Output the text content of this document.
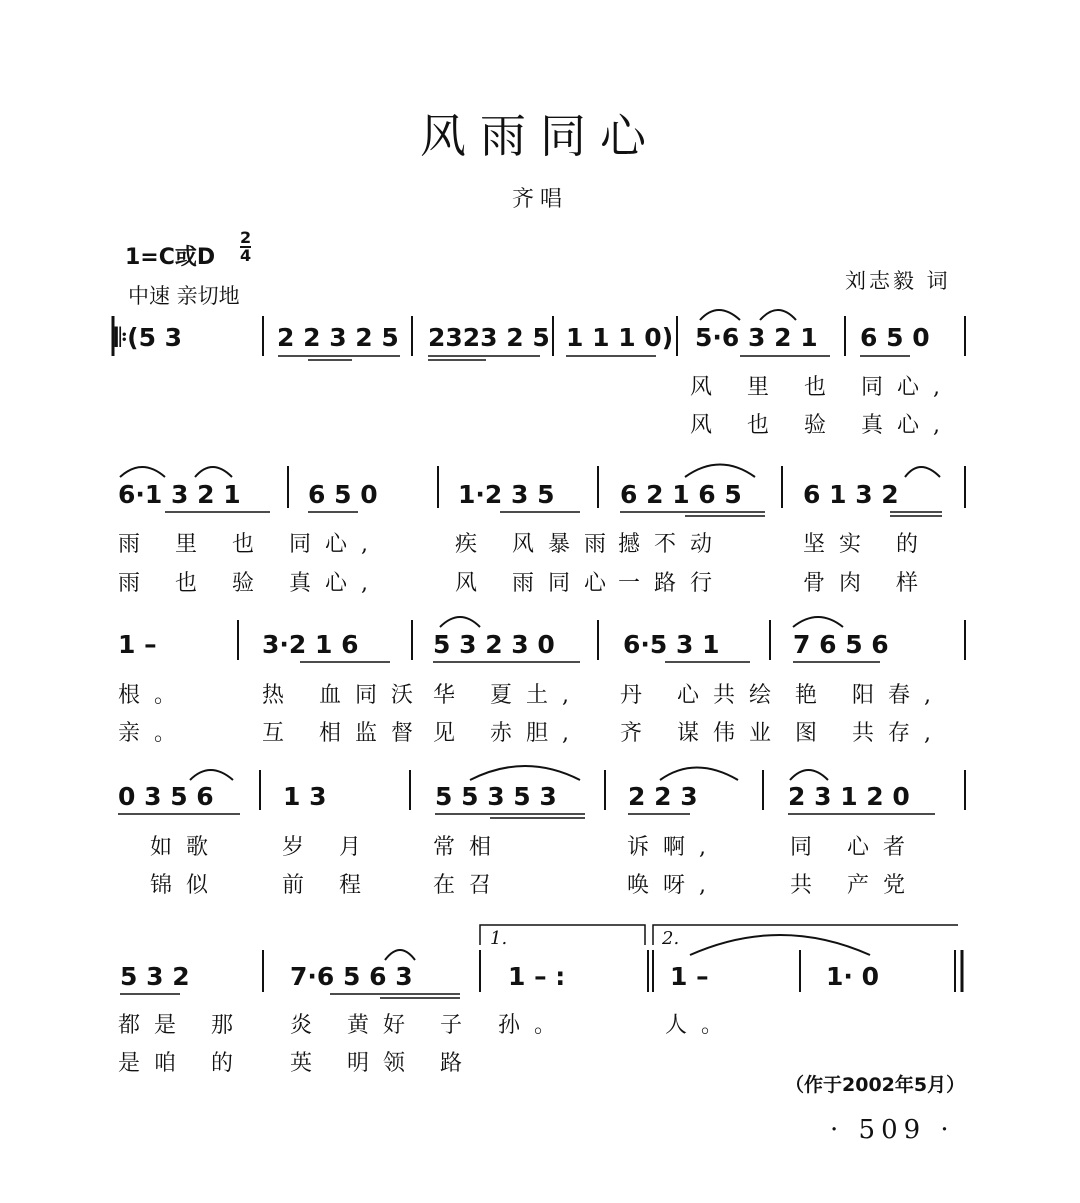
风雨同心
齐唱
1=C或D
2
4
中速 亲切地
刘志毅 词
𝄆(5 3	2 2 3 2 5 2323 2 5 1 1 1 0) 5·6 3 2 1 6 5 0
风 里 也 同心,
风 也 验 真心,
6·1 3 2 1	6 5 0	1·2 3 5	6 2 1 6 5 6 1 3 2
雨 里 也 同心,	疾 风暴雨
撼不动	坚实 的
雨 也 验 真心,	风 雨同心
一路行	骨肉 样
1 –	3·2 1 6	5 3 2 3 0	6·5 3 1	7 6 5 6
根。	热 血同沃 华 夏土, 丹 心共绘 艳 阳春,
亲。	互 相监督 见 赤胆, 齐 谋伟业 图 共存,
0 3 5 6	1 3	5 5 3 5 3	2 2 3	2 3 1 2 0
如歌	岁 月	常相	诉啊,	同 心者
锦似	前 程	在召	唤呀,	共 产党
1.	2.
5 3 2	7·6 5 6 3	1 – :	1 –	1· 0
都是 那 炎 黄好 子 孙。	人。
是咱 的 英 明领 路
（作于2002年5月）
· 509 ·
